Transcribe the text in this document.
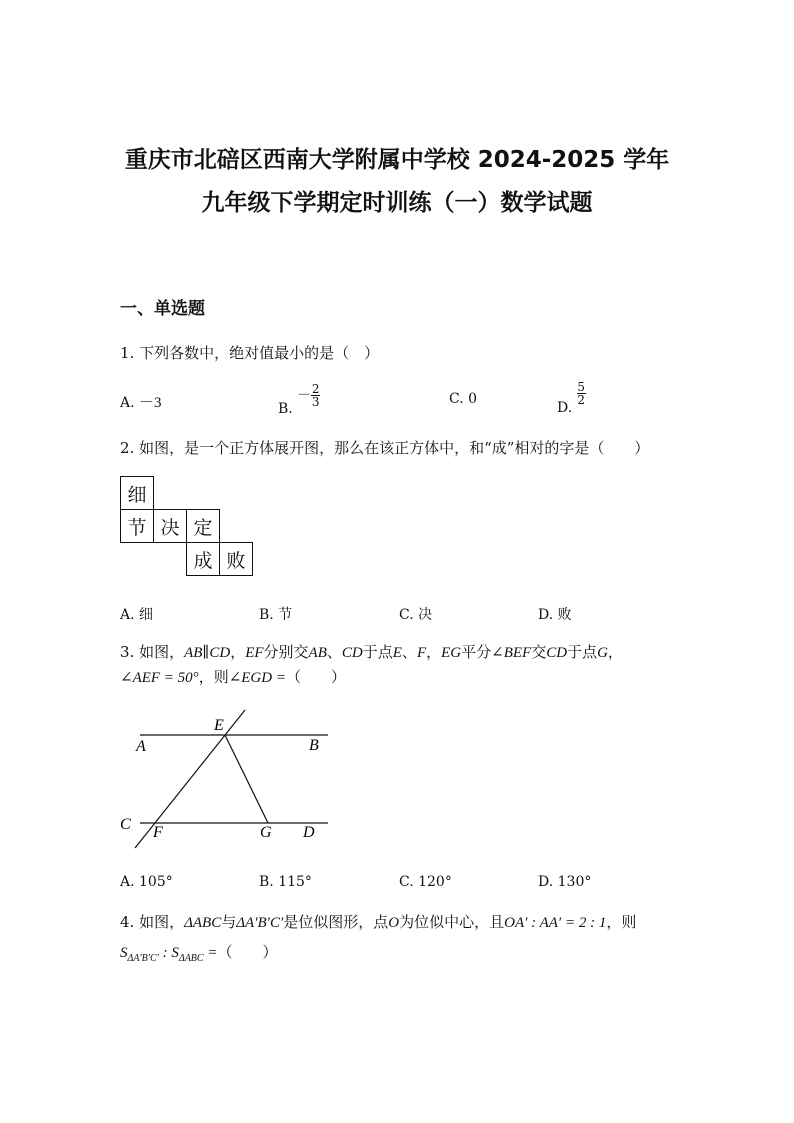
重庆市北碚区西南大学附属中学校 2024-2025 学年
九年级下学期定时训练（一）数学试题
一、单选题
1. 下列各数中，绝对值最小的是（　）
A. －3	B. － $\frac{2}{3}$	C. 0
D.
$\frac{5}{2}$
2. 如图，是一个正方体展开图，那么在该正方体中，和“成”相对的字是（　　）
细			
节	决	定	
		成	败
A. 细	B. 节	C. 决	D. 败
3. 如图，AB∥CD，EF分别交AB、CD于点E、F，EG平分∠BEF交CD于点G，
∠AEF = 50°，则∠EGD =（　　）
E
A	B
C F	G D
A. 105°	B. 115°	C. 120°	D. 130°
4. 如图，ΔABC与ΔA′B′C′是位似图形，点O为位似中心，且OA′ : AA′ = 2 : 1，则
$S_{\Delta A'B'C'}$ : $S_{\Delta ABC}$ =（　　）
